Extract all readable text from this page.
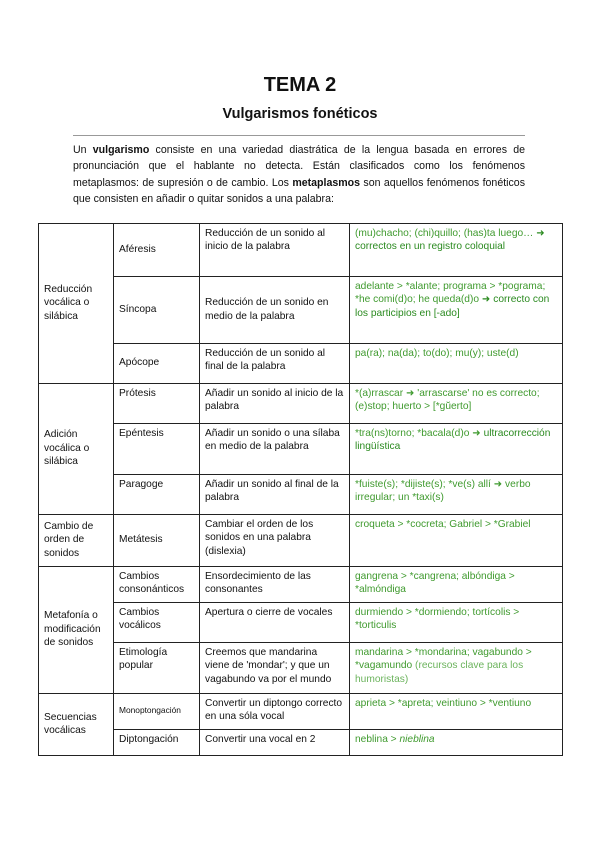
TEMA 2
Vulgarismos fonéticos

Un vulgarismo consiste en una variedad diastrática de la lengua basada en errores de pronunciación que el hablante no detecta. Están clasificados como los fenómenos metaplasmos: de supresión o de cambio. Los metaplasmos son aquellos fenómenos fonéticos que consisten en añadir o quitar sonidos a una palabra:

Reducción vocálica o silábica	Aféresis	Reducción de un sonido al inicio de la palabra	(mu)chacho; (chi)quillo; (has)ta luego… ➜ correctos en un registro coloquial
	Síncopa	Reducción de un sonido en medio de la palabra	adelante > *alante; programa > *pograma; *he comi(d)o; he queda(d)o ➜ correcto con los participios en [-ado]
	Apócope	Reducción de un sonido al final de la palabra	pa(ra); na(da); to(do); mu(y); uste(d)
Adición vocálica o silábica	Prótesis	Añadir un sonido al inicio de la palabra	*(a)rrascar ➜ 'arrascarse' no es correcto; (e)stop; huerto > [*gŭerto]
	Epéntesis	Añadir un sonido o una sílaba en medio de la palabra	*tra(ns)torno; *bacala(d)o ➜ ultracorrección lingüística
	Paragoge	Añadir un sonido al final de la palabra	*fuiste(s); *dijiste(s); *ve(s) allí ➜ verbo irregular; un *taxi(s)
Cambio de orden de sonidos	Metátesis	Cambiar el orden de los sonidos en una palabra (dislexia)	croqueta > *cocreta; Gabriel > *Grabiel
Metafonía o modificación de sonidos	Cambios consonánticos	Ensordecimiento de las consonantes	gangrena > *cangrena; albóndiga > *almóndiga
	Cambios vocálicos	Apertura o cierre de vocales	durmiendo > *dormiendo; tortícolis > *torticulis
	Etimología popular	Creemos que mandarina viene de 'mondar'; y que un vagabundo va por el mundo	mandarina > *mondarina; vagabundo > *vagamundo (recursos clave para los humoristas)
Secuencias vocálicas	Monoptongación	Convertir un diptongo correcto en una sóla vocal	aprieta > *apreta; veintiuno > *ventiuno
	Diptongación	Convertir una vocal en 2	neblina > nieblina
